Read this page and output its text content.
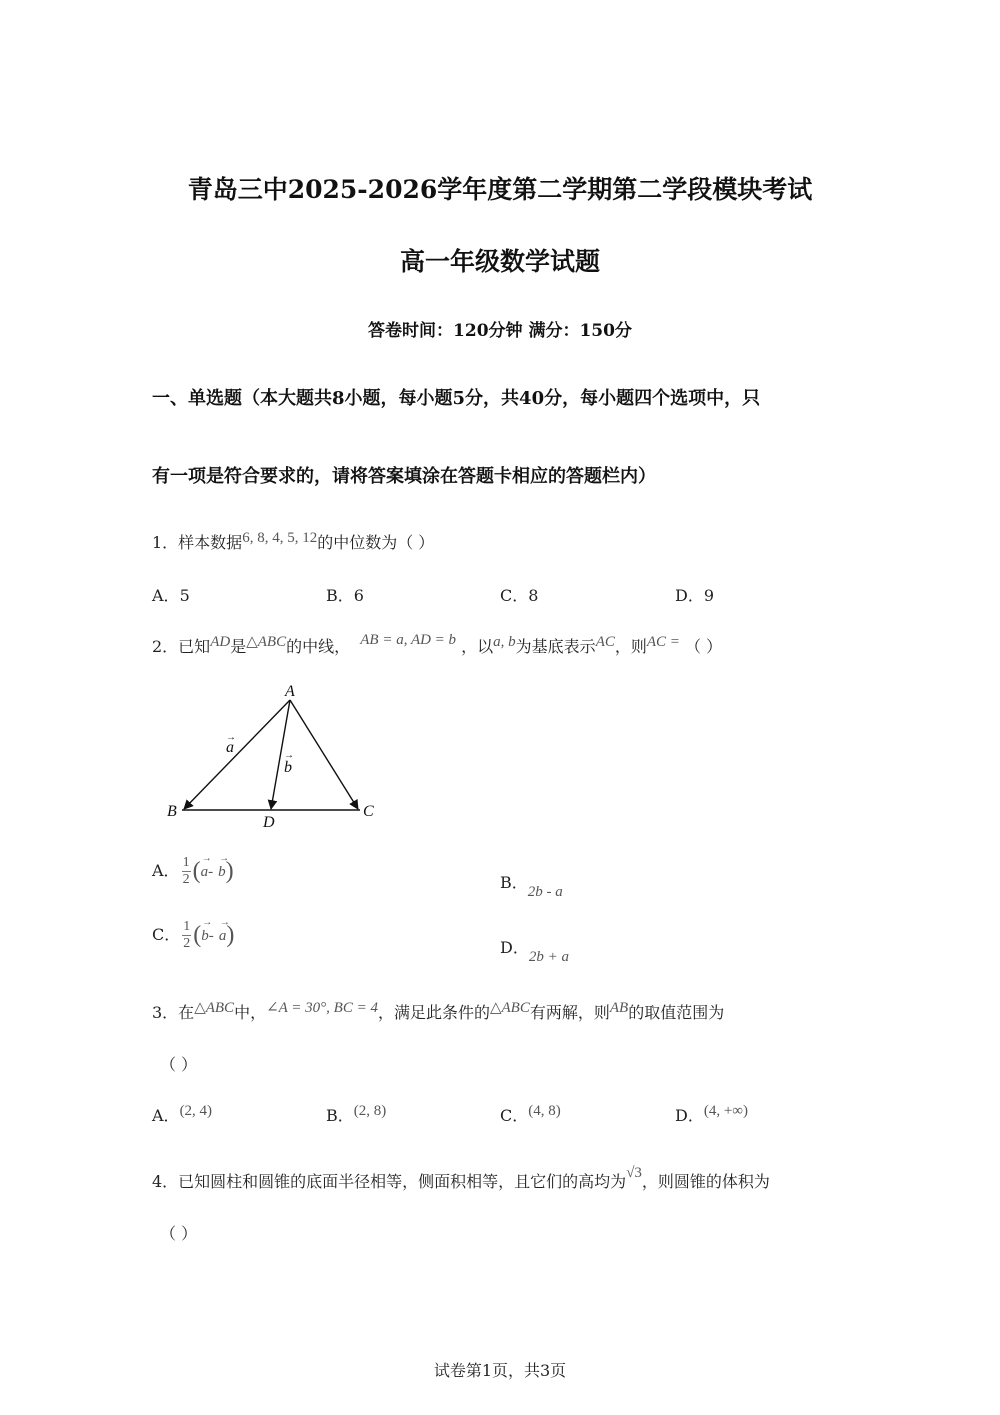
青岛三中2025-2026学年度第二学期第二学段模块考试
高一年级数学试题
答卷时间：120分钟 满分：150分
一、单选题（本大题共8小题，每小题5分，共40分，每小题四个选项中，只
有一项是符合要求的，请将答案填涂在答题卡相应的答题栏内）
1．样本数据6, 8, 4, 5, 12的中位数为（ ）
A．5	B．6	C．8	D．9
2．已知AD是△ABC的中线， AB = a, AD = b ，以a, b为基底表示AC，则AC = （ ）
A
B	C
D
a
→
b
→
A． $\frac{1}{2}$ (→ a- → b)	B．2b - a
C． $\frac{1}{2}$ (→ b- → a)	D．2b + a
3．在△ABC中，∠A = 30°, BC = 4，满足此条件的△ABC有两解，则AB的取值范围为
（ ）
A．(2, 4)	B．(2, 8)	C．(4, 8)	D．(4, +∞)
4．已知圆柱和圆锥的底面半径相等，侧面积相等，且它们的高均为√3，则圆锥的体积为
（ ）
试卷第1页，共3页
